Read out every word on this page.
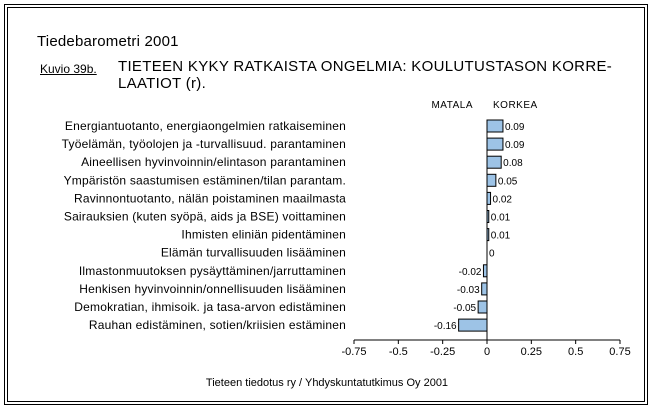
Tiedebarometri 2001
Kuvio 39b. TIETEEN KYKY RATKAISTA ONGELMIA: KOULUTUSTASON KORRE-LAATIOT (r).
MATALA KORKEA
Energiantuotanto, energiaongelmien ratkaiseminen	0.09
Työelämän, työolojen ja -turvallisuud. parantaminen	0.09
Aineellisen hyvinvoinnin/elintason parantaminen	0.08
Ympäristön saastumisen estäminen/tilan parantam.	0.05
Ravinnontuotanto, nälän poistaminen maailmasta	0.02
Sairauksien (kuten syöpä, aids ja BSE) voittaminen	0.01
Ihmisten eliniän pidentäminen	0.01
Elämän turvallisuuden lisääminen	0
Ilmastonmuutoksen pysäyttäminen/jarruttaminen	-0.02
Henkisen hyvinvoinnin/onnellisuuden lisääminen	-0.03
Demokratian, ihmisoik. ja tasa-arvon edistäminen	-0.05
Rauhan edistäminen, sotien/kriisien estäminen	-0.16
-0.75 -0.5 -0.25	0	0.25 0.5 0.75
Tieteen tiedotus ry / Yhdyskuntatutkimus Oy 2001
